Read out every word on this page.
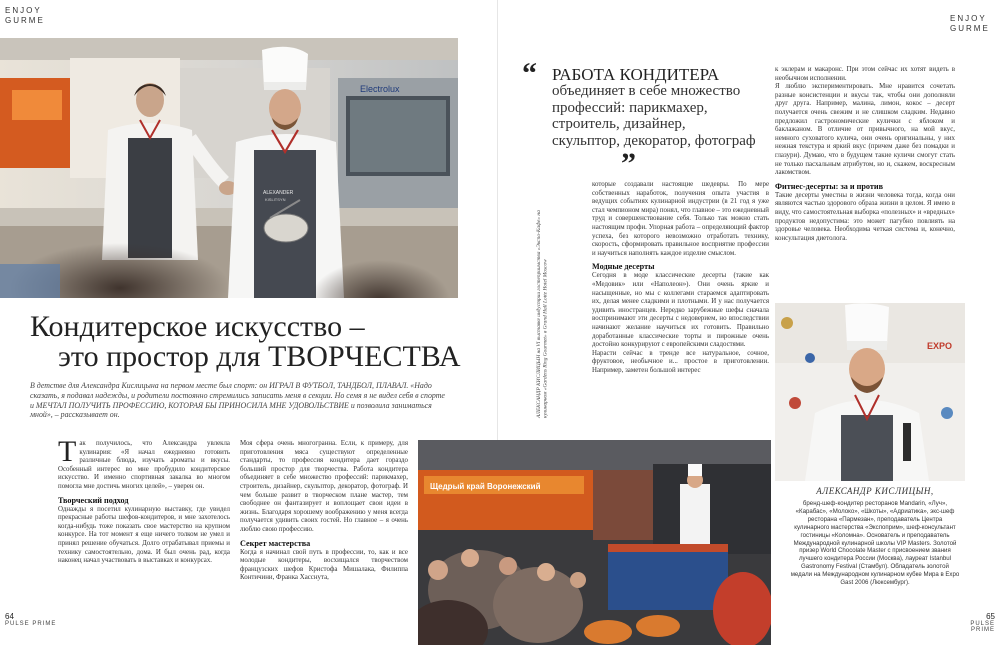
ENJOY
GURME	ENJOY
GURME
Electrolux
ALEXANDER
KISLITSYN
Кондитерское искусство –
это простор для ТВОРЧЕСТВА
В детстве для Александра Кислицына на первом месте был спорт: он ИГРАЛ В ФУТБОЛ, ТАНДБОЛ, ПЛАВАЛ. «Надо сказать, я подавал надежды, и родители постоянно стремились записать меня в секции. Но семя я не видел себя в спорте и МЕЧТАЛ ПОЛУЧИТЬ ПРОФЕССИЮ, КОТОРАЯ БЫ ПРИНОСИЛА МНЕ УДОВОЛЬСТВИЕ и позволила заниматься мной», – рассказывает он.
Т ак получилось, что Александра увлекла кулинария: «Я начал ежедневно готовить различные блюда, изучать ароматы и вкусы. Особенный интерес во мне пробудило кондитерское искусство. И именно спортивная закалка во многом помогла мне достичь многих целей», – уверен он.

Творческий подход

Однажды я посетил кулинарную выставку, где увидел прекрасные работы шефов-кондитеров, и мне захотелось когда-нибудь тоже показать свое мастерство на крупном конкурсе. На тот момент я еще ничего толком не умел и принял решение обучаться. Долго отрабатывал приемы и технику самостоятельно, дома. И был очень рад, когда наконец начал участвовать в выставках и конкурсах.

Моя сфера очень многогранна. Если, к примеру, для приготовления мяса существуют определенные стандарты, то профессия кондитера дает гораздо больший простор для творчества. Работа кондитера объединяет в себе множество профессий: парикмахер, строитель, дизайнер, скульптор, декоратор, фотограф. И чем больше развит в творческом плане мастер, тем свободнее он фантазирует и воплощает свои идеи в жизнь. Благодаря хорошему воображению у меня всегда получается удивить своих гостей. Но главное – я очень люблю свою профессию.

Секрет мастерства

Когда я начинал свой путь в профессии, то, как и все молодые кондитеры, восхищался творчеством французских шефов Кристофа Мишалака, Филиппа Контичини, Франка Хасснута,

64
PULSE PRIME
“ РАБОТА КОНДИТЕРА
объединяет в себе множество профессий: парикмахер, строитель, дизайнер, скульптор, декоратор, фотограф
”
АЛЕКСАНДР КИСЛИЦЫН на VI выставке индустрии гостеприимства «Экспо-Кафе» на кулинарном «Gardens Ring Gourmet» в Grand Hall Lotte Hotel Moscow

которые создавали настоящие шедевры. По мере собственных наработок, получения опыта участия в ведущих событиях кулинарной индустрии (в 21 год я уже стал чемпионом мира) понял, что главное – это ежедневный труд и совершенствование себя. Только так можно стать настоящим профи. Упорная работа – определяющий фактор успеха, без которого невозможно отработать технику, скорость, сформировать правильное восприятие профессии и научиться наполнять каждое изделие смыслом.

Модные десерты

Сегодня в моде классические десерты (такие как «Медовик» или «Наполеон»). Они очень яркие и насыщенные, но мы с коллегами стараемся адаптировать их, делая менее сладкими и плотными. И у нас получается удивить иностранцев. Нередко зарубежные шефы сначала воспринимают эти десерты с недоверием, но впоследствии начинают желание научиться их готовить. Правильно доработанные классические торты и пирожные очень достойно конкурируют с европейскими сладостями.

Нарасти сейчас в тренде все натуральное, сочное, фруктовое, необычное и... простое в приготовлении. Например, заметен большой интерес

к эклерам и макаронс. При этом сейчас их хотят видеть в необычном исполнении.

Я люблю экспериментировать. Мне нравится сочетать разные консистенции и вкусы так, чтобы они дополняли друг друга. Например, малина, лимон, кокос – десерт получается очень свежим и не слишком сладким. Недавно предложил гастрономические кулички с яблоком и баклажаном. В отличие от привычного, на мой вкус, немного суховатого кулича, они очень оригинальны, у них нежная текстура и яркий вкус (причем даже без помадки и глазури). Думаю, что в будущем такие куличи смогут стать не только пасхальным атрибутом, но и, скажем, воскресным лакомством.

Фитнес-десерты: за и против

Такие десерты уместны в жизни человека тогда, когда они являются частью здорового образа жизни в целом. Я имею в виду, что самостоятельная выборка «полезных» и «вредных» продуктов недопустима: это может пагубно повлиять на здоровье человека. Необходима четкая система и, конечно, консультация диетолога.

EXPO
АЛЕКСАНДР КИСЛИЦЫН,
бренд-шеф-кондитер ресторанов Mandarin, «Луч», «Карабас», «Молоко», «Шкоты», «Адриатика», экс-шеф ресторана «Пармезан», преподаватель Центра кулинарного мастерства «Экспоприм», шеф-консультант гостиницы «Коломна». Основатель и преподаватель Международной кулинарной школы VIP Masters. Золотой призер World Chocolate Master с присвоением звания лучшего кондитера России (Москва), лауреат Istanbul Gastronomy Festival (Стамбул). Обладатель золотой медали на Международном кулинарном кубке Мира в Expo Gast 2006 (Люксембург).
Щедрый край Воронежский
65
PULSE PRIME
